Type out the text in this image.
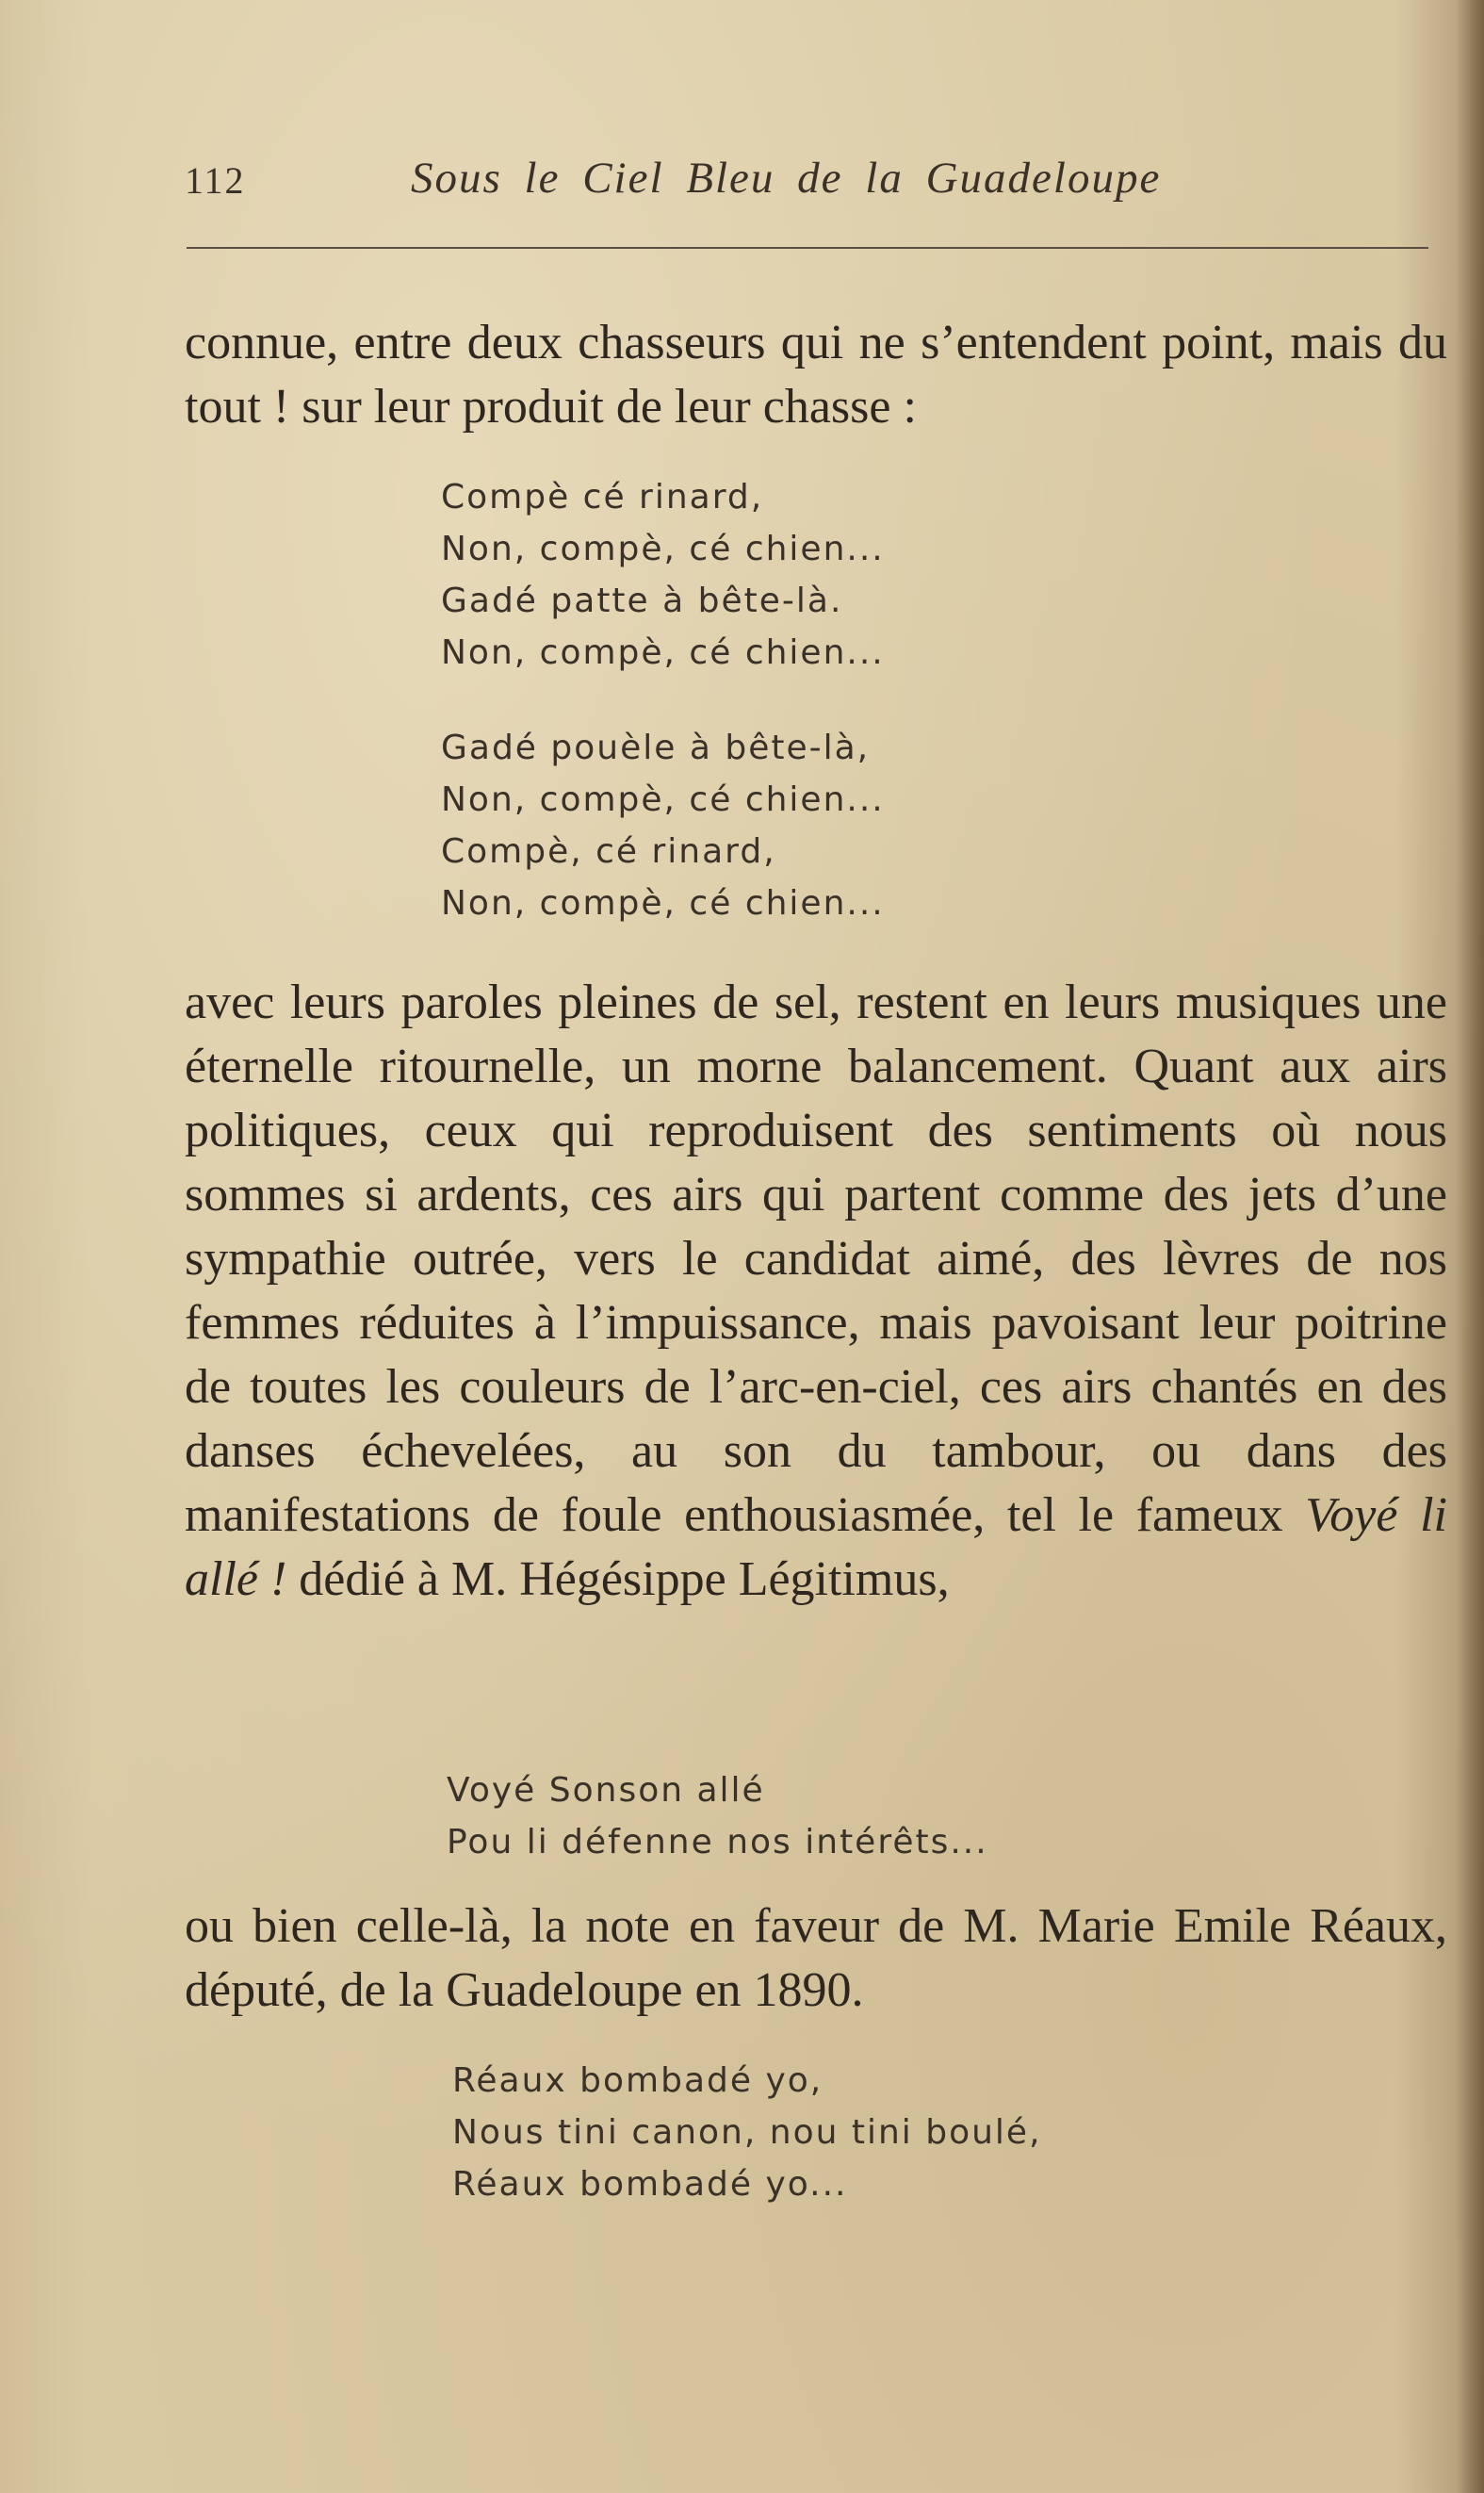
112	Sous le Ciel Bleu de la Guadeloupe

connue, entre deux chasseurs qui ne s’entendent point, mais du tout ! sur leur produit de leur chasse :

Compè cé rinard,
Non, compè, cé chien...
Gadé patte à bête-là.
Non, compè, cé chien...
Gadé pouèle à bête-là,
Non, compè, cé chien...
Compè, cé rinard,
Non, compè, cé chien...

avec leurs paroles pleines de sel, restent en leurs musiques une éternelle ritournelle, un morne balancement. Quant aux airs politiques, ceux qui reproduisent des sentiments où nous sommes si ardents, ces airs qui partent comme des jets d’une sympathie outrée, vers le candidat aimé, des lèvres de nos femmes réduites à l’impuissance, mais pavoisant leur poitrine de toutes les couleurs de l’arc-en-ciel, ces airs chantés en des danses échevelées, au son du tambour, ou dans des manifestations de foule enthousiasmée, tel le fameux Voyé li allé ! dédié à M. Hégésippe Légitimus,

Voyé Sonson allé
Pou li défenne nos intérêts...

ou bien celle-là, la note en faveur de M. Marie Emile Réaux, député, de la Guadeloupe en 1890.

Réaux bombadé yo,
Nous tini canon, nou tini boulé,
Réaux bombadé yo...
